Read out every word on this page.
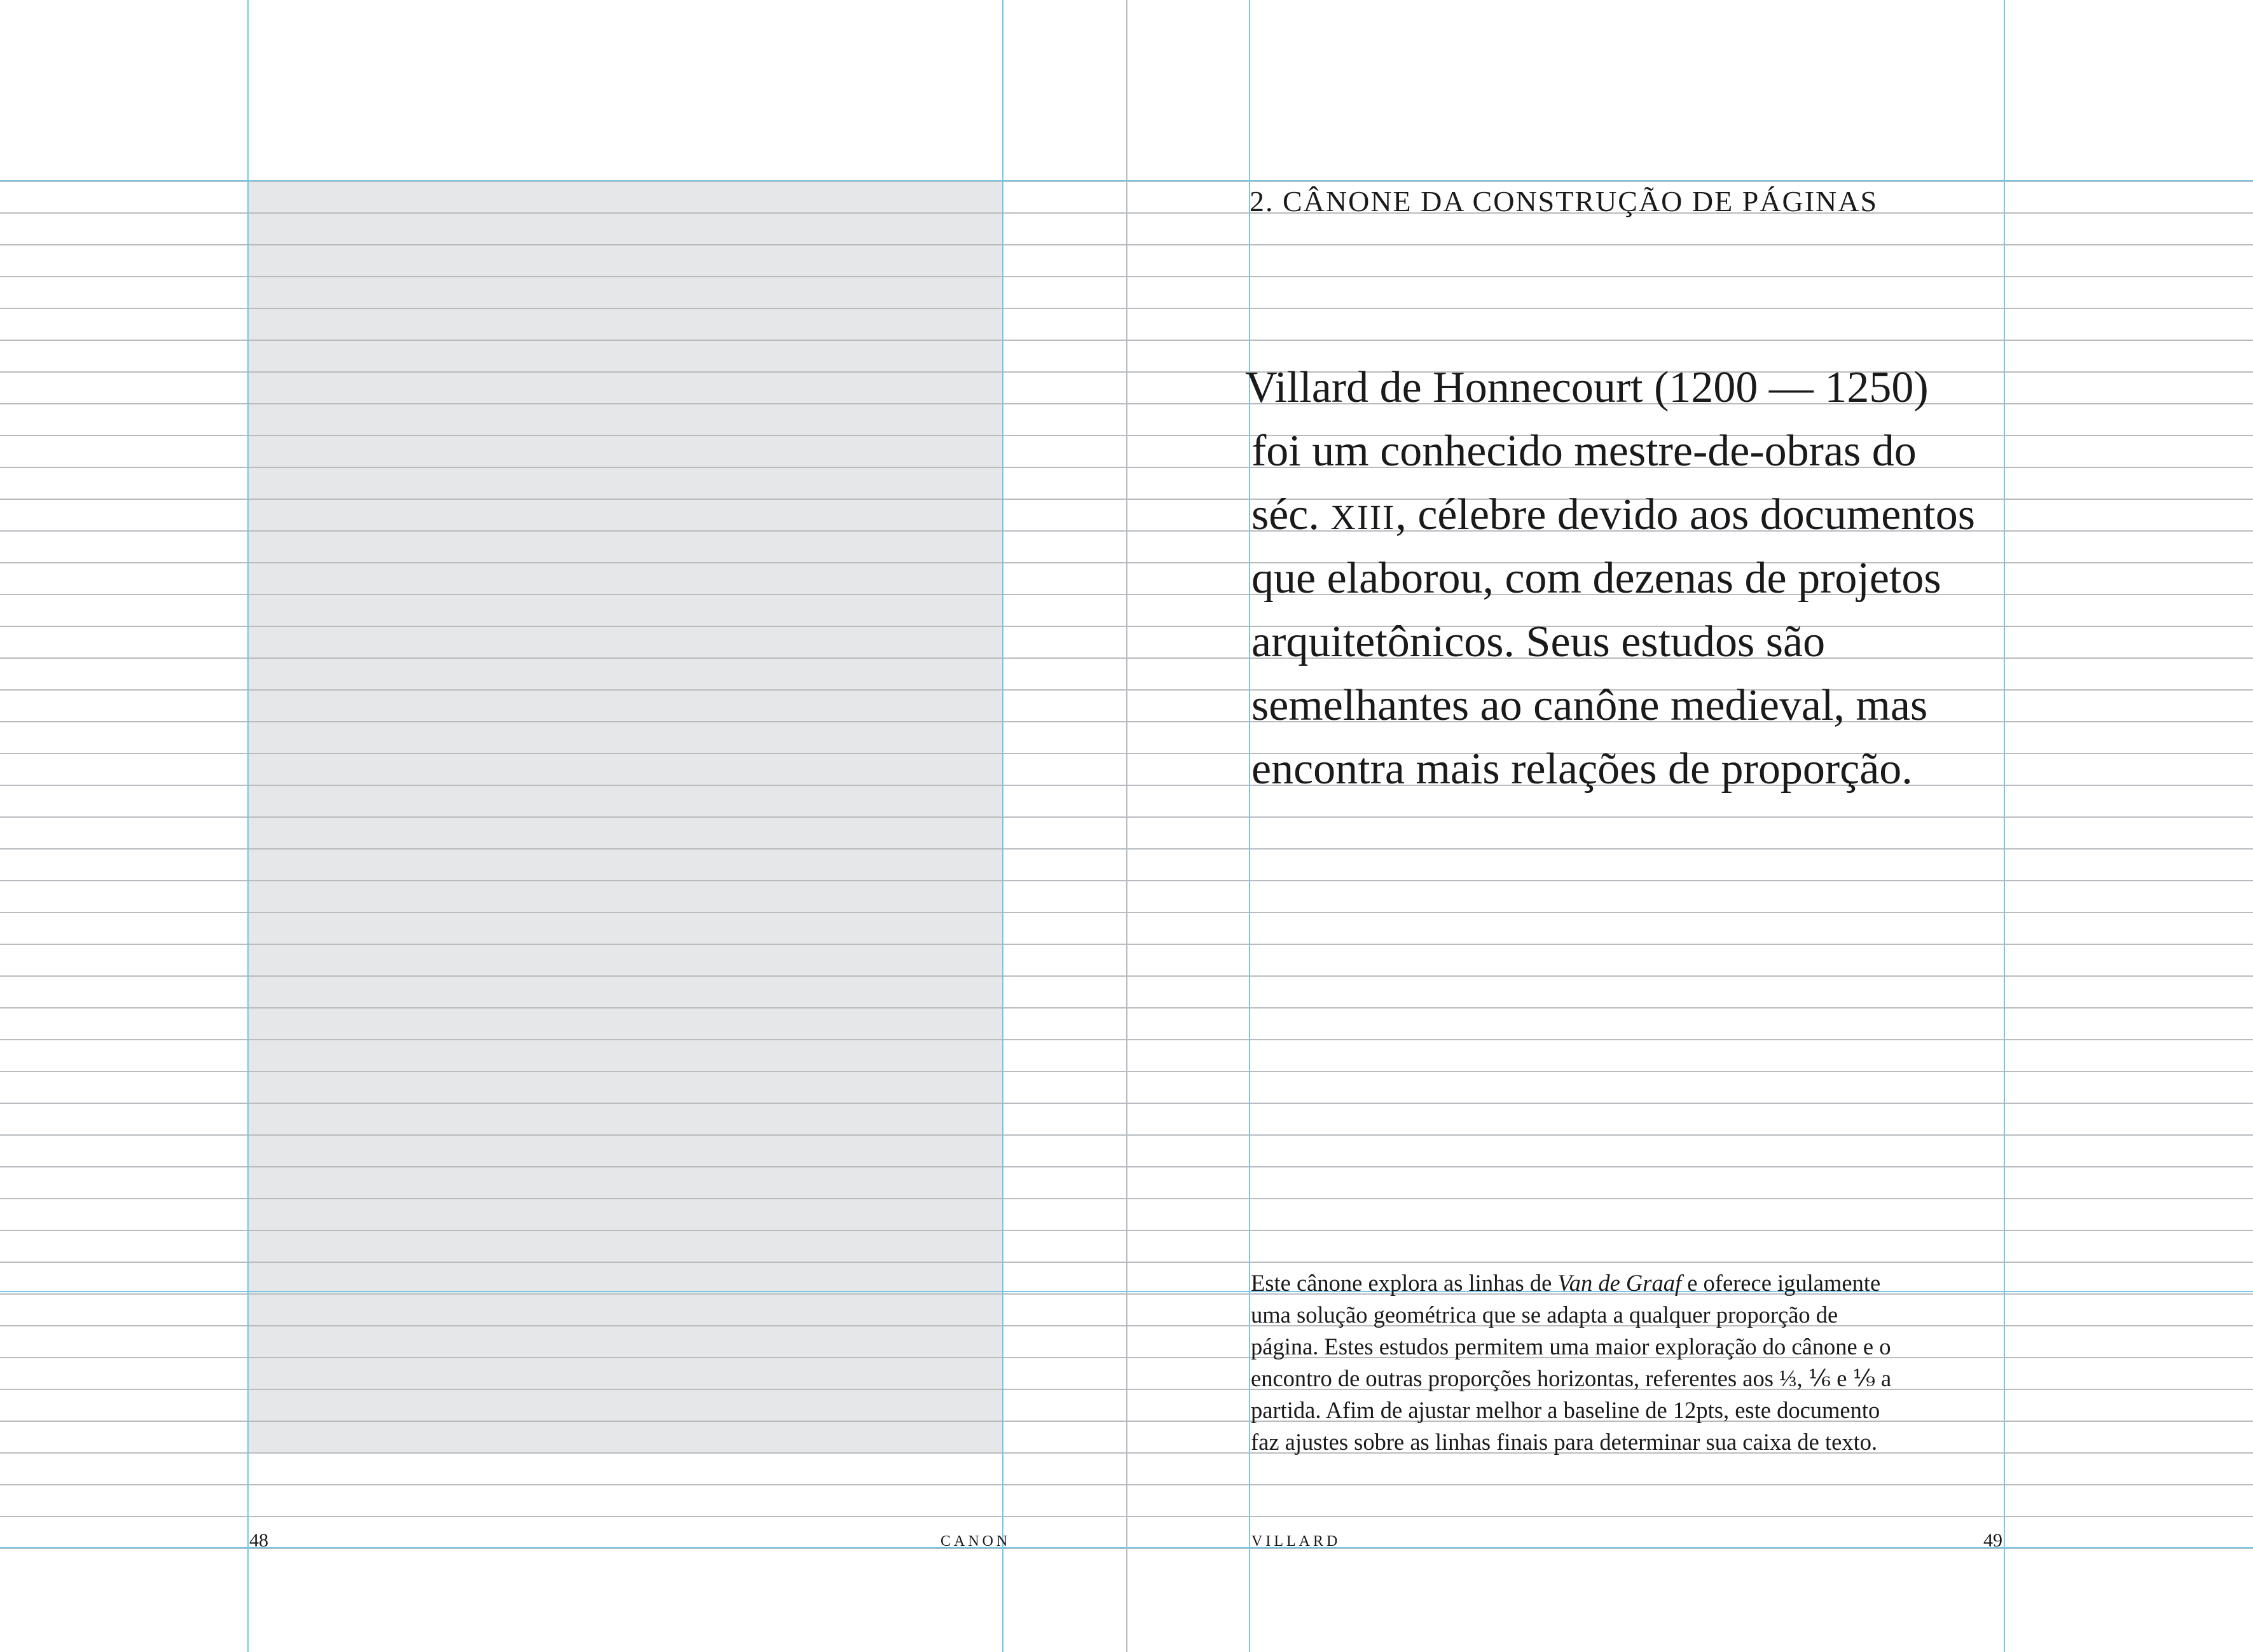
2. CÂNONE DA CONSTRUÇÃO DE PÁGINAS
Villard de Honnecourt (1200 — 1250)
foi um conhecido mestre-de-obras do
séc. XIII, célebre devido aos documentos
que elaborou, com dezenas de projetos
arquitetônicos. Seus estudos são
semelhantes ao canône medieval, mas
encontra mais relações de proporção.
Este cânone explora as linhas de Van de Graaf e oferece igulamente
uma solução geométrica que se adapta a qualquer proporção de
página. Estes estudos permitem uma maior exploração do cânone e o
encontro de outras proporções horizontas, referentes aos ⅓, ⅙ e ⅑ a
partida. Afim de ajustar melhor a baseline de 12pts, este documento
faz ajustes sobre as linhas finais para determinar sua caixa de texto.
48	CANON	VILLARD	49
